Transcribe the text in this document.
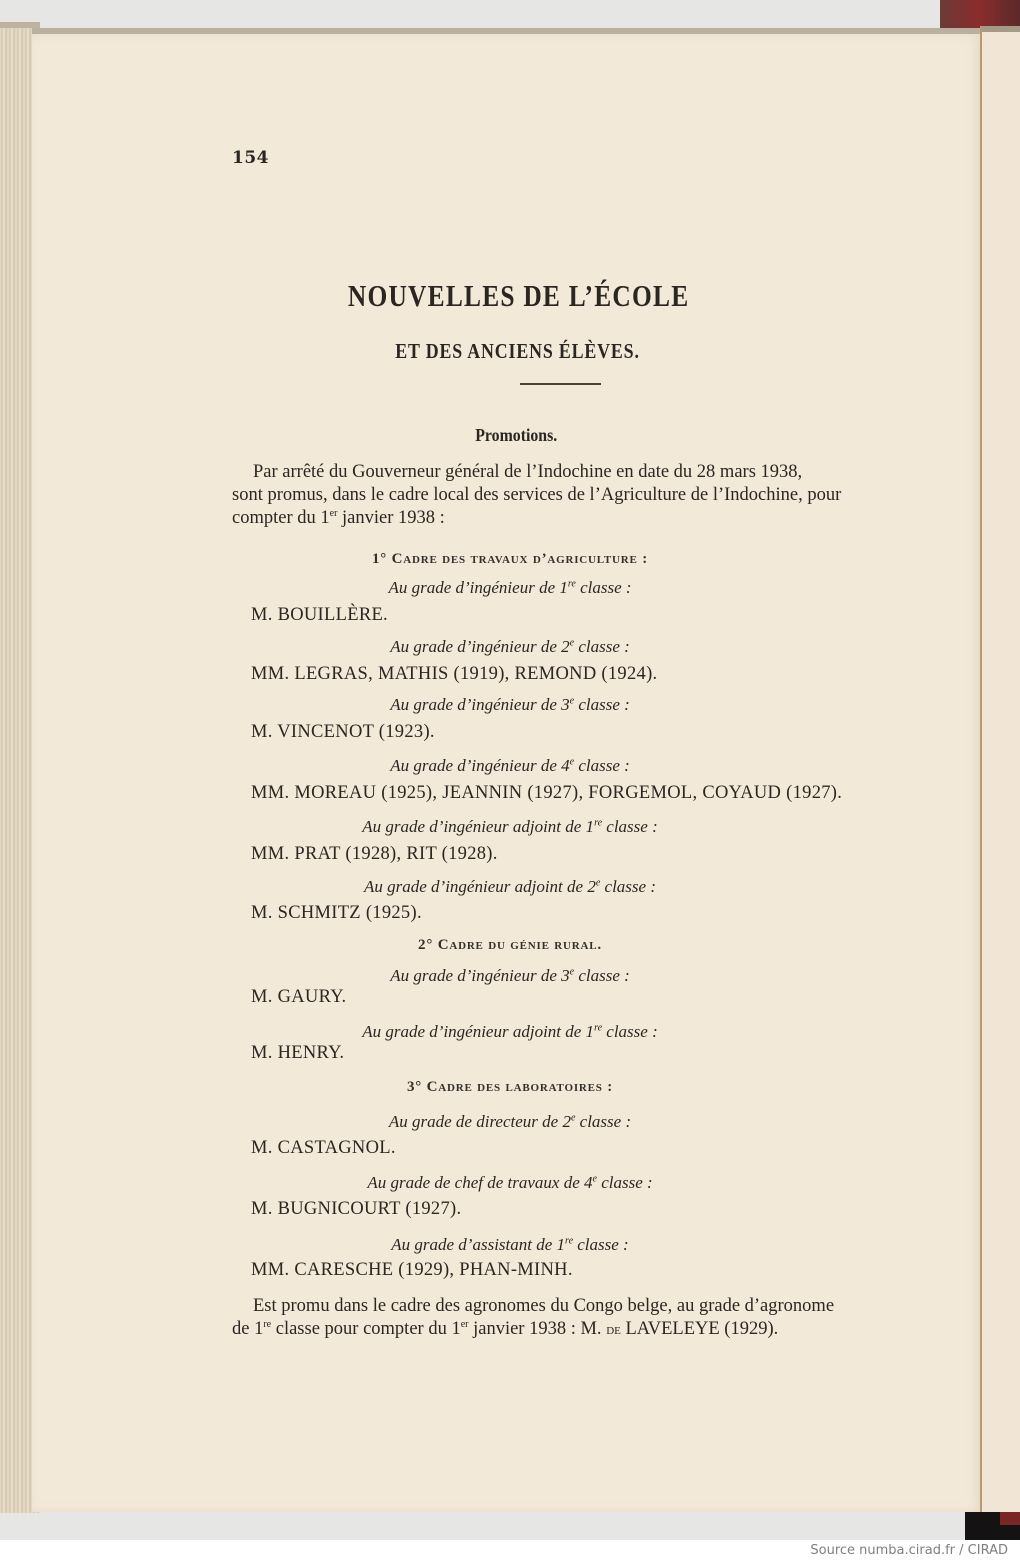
154
NOUVELLES DE L’ÉCOLE
ET DES ANCIENS ÉLÈVES.
Promotions.
Par arrêté du Gouverneur général de l’Indochine en date du 28 mars 1938,
sont promus, dans le cadre local des services de l’Agriculture de l’Indochine, pour
compter du 1er janvier 1938 :
1° Cadre des travaux d’agriculture :
Au grade d’ingénieur de 1re classe :
M. BOUILLÈRE.
Au grade d’ingénieur de 2e classe :
MM. LEGRAS, MATHIS (1919), REMOND (1924).
Au grade d’ingénieur de 3e classe :
M. VINCENOT (1923).
Au grade d’ingénieur de 4e classe :
MM. MOREAU (1925), JEANNIN (1927), FORGEMOL, COYAUD (1927).
Au grade d’ingénieur adjoint de 1re classe :
MM. PRAT (1928), RIT (1928).
Au grade d’ingénieur adjoint de 2e classe :
M. SCHMITZ (1925).
2° Cadre du génie rural.
Au grade d’ingénieur de 3e classe :
M. GAURY.
Au grade d’ingénieur adjoint de 1re classe :
M. HENRY.
3° Cadre des laboratoires :
Au grade de directeur de 2e classe :
M. CASTAGNOL.
Au grade de chef de travaux de 4e classe :
M. BUGNICOURT (1927).
Au grade d’assistant de 1re classe :
MM. CARESCHE (1929), PHAN-MINH.
Est promu dans le cadre des agronomes du Congo belge, au grade d’agronome
de 1re classe pour compter du 1er janvier 1938 : M. de LAVELEYE (1929).
Source numba.cirad.fr / CIRAD
